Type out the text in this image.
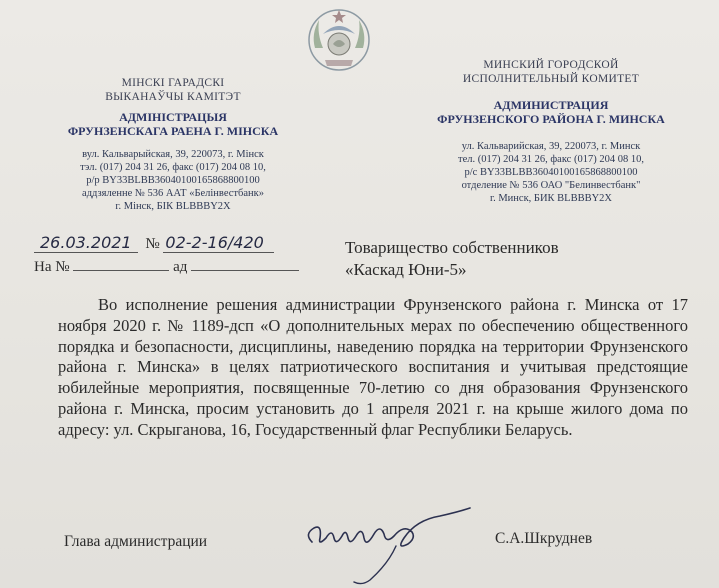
МІНСКІ ГАРАДСКІ
ВЫКАНАЎЧЫ КАМІТЭТ
АДМІНІСТРАЦЫЯ
ФРУНЗЕНСКАГА РАЕНА Г. МІНСКА
вул. Кальварыйская, 39, 220073, г. Мінск
тэл. (017) 204 31 26, факс (017) 204 08 10,
р/р BY33BLBB36040100165868800100
аддзяленне № 536 ААТ «Белінвестбанк»
г. Мінск, БІК BLBBBY2X
МИНСКИЙ ГОРОДСКОЙ
ИСПОЛНИТЕЛЬНЫЙ КОМИТЕТ
АДМИНИСТРАЦИЯ
ФРУНЗЕНСКОГО РАЙОНА Г. МИНСКА
ул. Кальварийская, 39, 220073, г. Минск
тел. (017) 204 31 26, факс (017) 204 08 10,
р/с BY33BLBB36040100165868800100
отделение № 536 ОАО "Белинвестбанк"
г. Минск, БИК BLBBBY2X
26.03.2021 № 02-2-16/420
На №	ад
Товарищество собственников
«Каскад Юни-5»
Во исполнение решения администрации Фрунзенского района г. Минска от 17 ноября 2020 г. № 1189-дсп «О дополнительных мерах по обеспечению общественного порядка и безопасности, дисциплины, наведению порядка на территории Фрунзенского района г. Минска» в целях патриотического воспитания и учитывая предстоящие юбилейные мероприятия, посвященные 70-летию со дня образования Фрунзенского района г. Минска, просим установить до 1 апреля 2021 г. на крыше жилого дома по адресу: ул. Скрыганова, 16, Государственный флаг Республики Беларусь.
Глава администрации	С.А.Шкруднев
